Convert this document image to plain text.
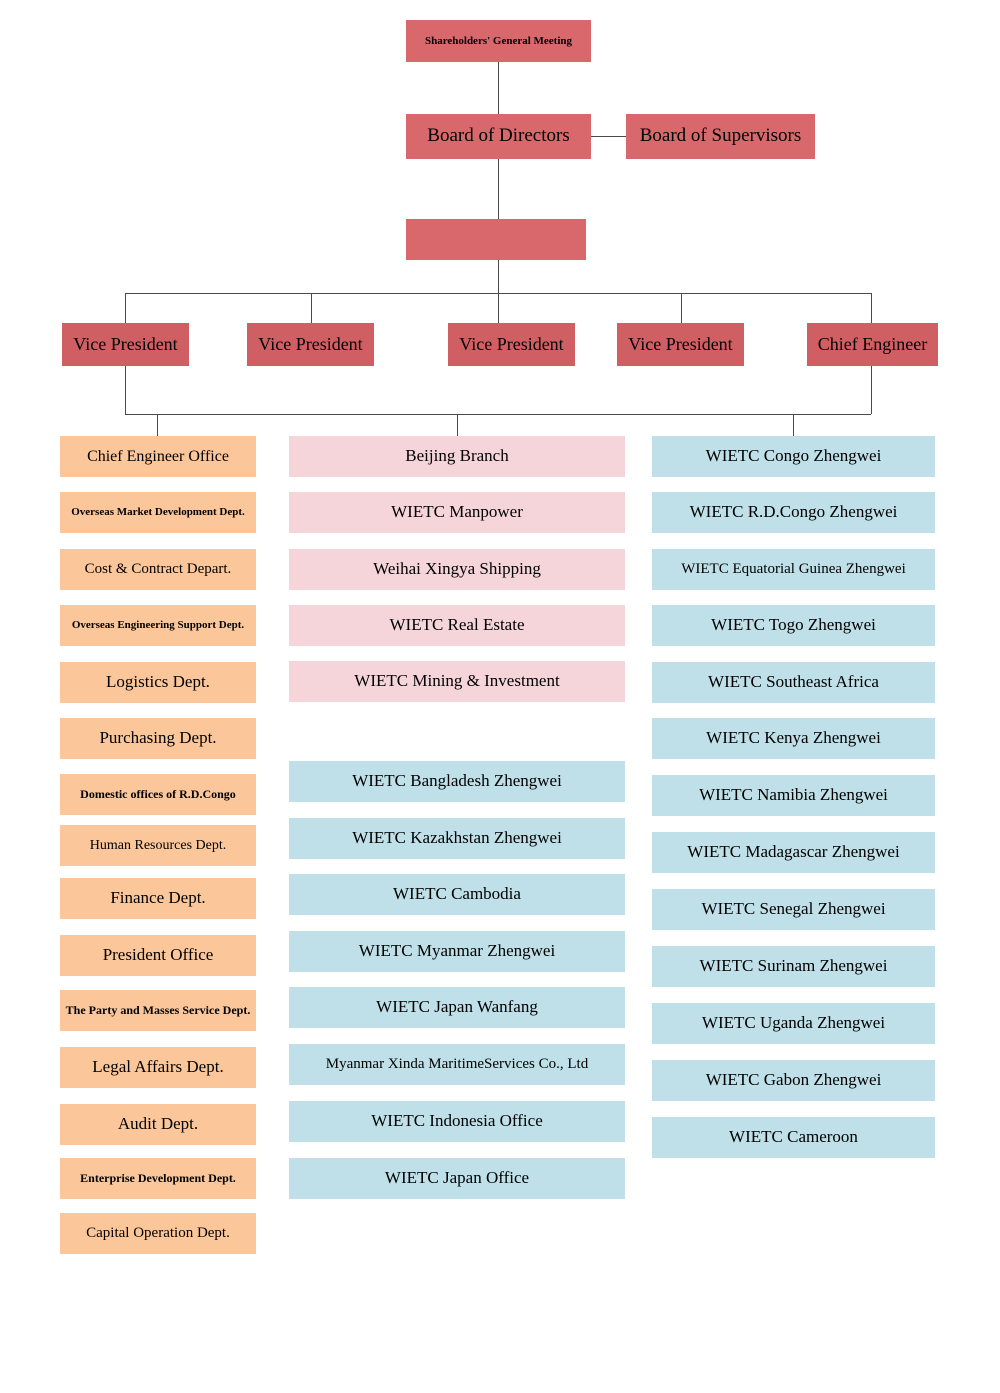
Shareholders' General Meeting
Board of Directors	Board of Supervisors
Vice President	Vice President	Vice President	Vice President	Chief Engineer
Chief Engineer Office
Overseas Market Development Dept.
Cost & Contract Depart.
Overseas Engineering Support Dept.
Logistics Dept.
Purchasing Dept.
Domestic offices of R.D.Congo
Human Resources Dept.
Finance Dept.
President Office
The Party and Masses Service Dept.
Legal Affairs Dept.
Audit Dept.
Enterprise Development Dept.
Capital Operation Dept.
Beijing Branch
WIETC Manpower
Weihai Xingya Shipping
WIETC Real Estate
WIETC Mining & Investment
WIETC Bangladesh Zhengwei
WIETC Kazakhstan Zhengwei
WIETC Cambodia
WIETC Myanmar Zhengwei
WIETC Japan Wanfang
Myanmar Xinda MaritimeServices Co., Ltd
WIETC Indonesia Office
WIETC Japan Office
WIETC Congo Zhengwei
WIETC R.D.Congo Zhengwei
WIETC Equatorial Guinea Zhengwei
WIETC Togo Zhengwei
WIETC Southeast Africa
WIETC Kenya Zhengwei
WIETC Namibia Zhengwei
WIETC Madagascar Zhengwei
WIETC Senegal Zhengwei
WIETC Surinam Zhengwei
WIETC Uganda Zhengwei
WIETC Gabon Zhengwei
WIETC Cameroon
